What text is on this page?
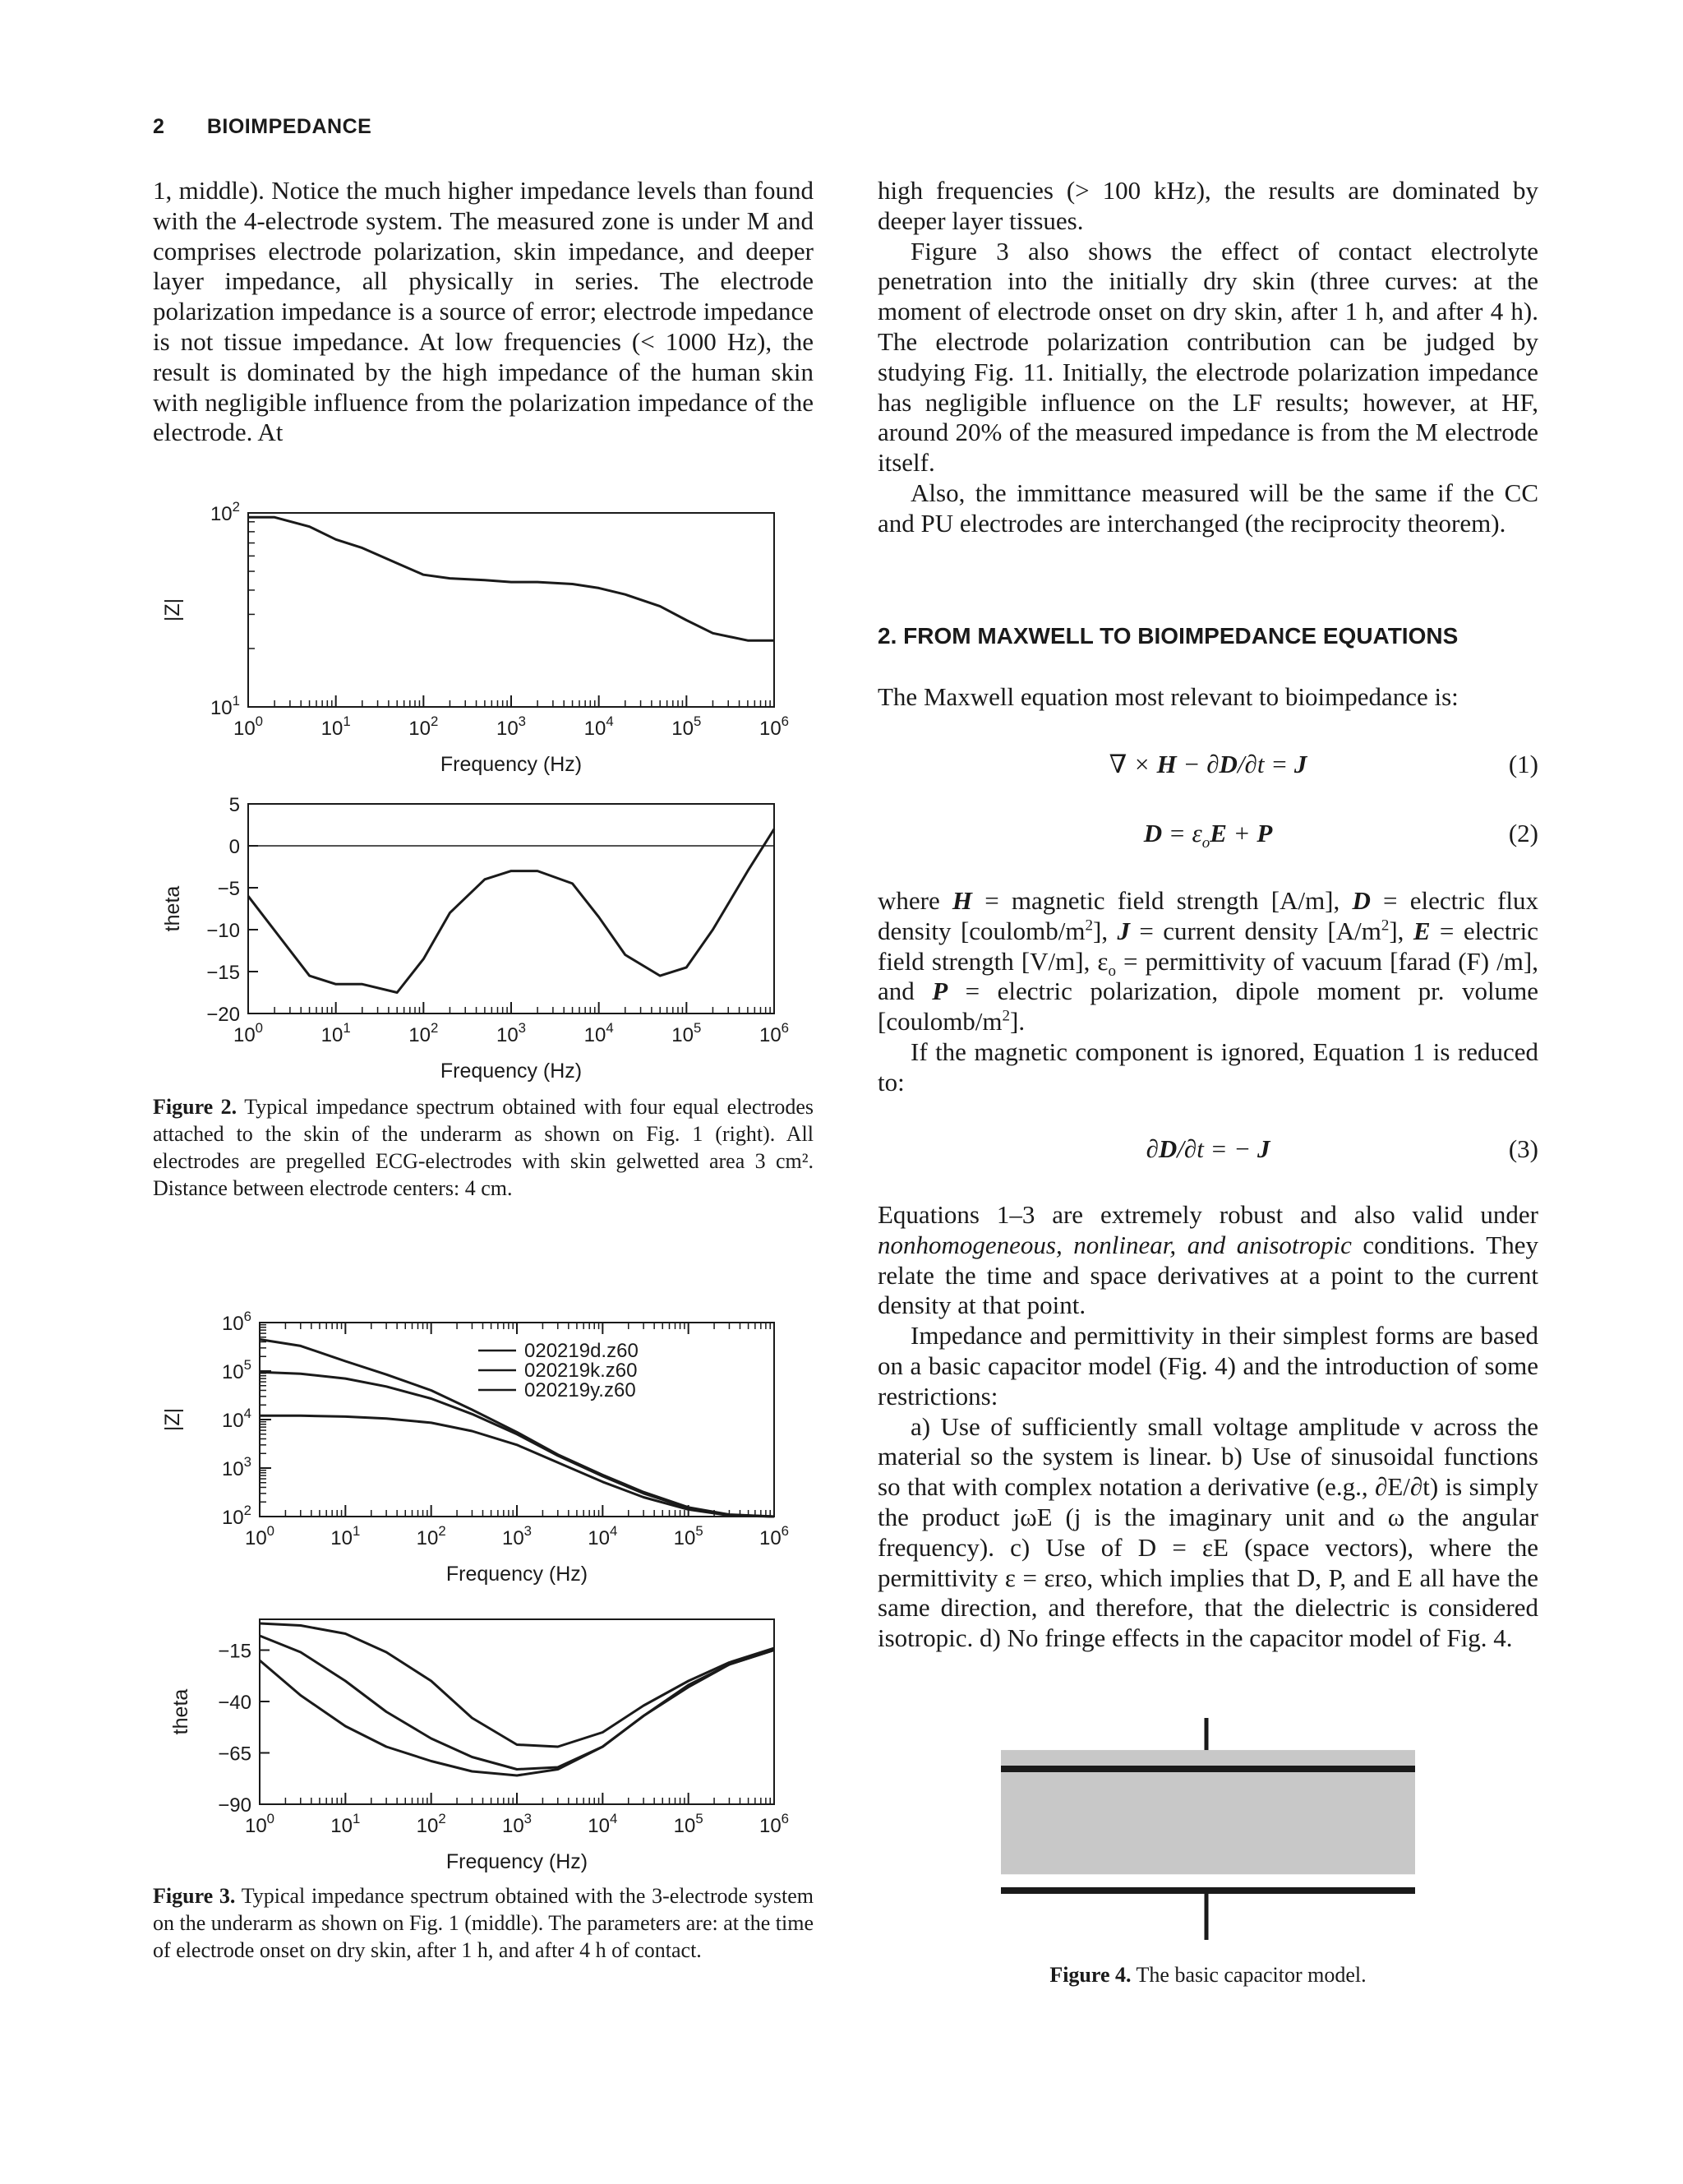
2 BIOIMPEDANCE

1, middle). Notice the much higher impedance levels than found with the 4-electrode system. The measured zone is under M and comprises electrode polarization, skin impedance, and deeper layer impedance, all physically in series. The electrode polarization impedance is a source of error; electrode impedance is not tissue impedance. At low frequencies (< 1000 Hz), the result is dominated by the high impedance of the human skin with negligible influence from the polarization impedance of the electrode. At

high frequencies (> 100 kHz), the results are dominated by deeper layer tissues.

Figure 3 also shows the effect of contact electrolyte penetration into the initially dry skin (three curves: at the moment of electrode onset on dry skin, after 1 h, and after 4 h). The electrode polarization contribution can be judged by studying Fig. 11. Initially, the electrode polarization impedance has negligible influence on the LF results; however, at HF, around 20% of the measured impedance is from the M electrode itself.

Also, the immittance measured will be the same if the CC and PU electrodes are interchanged (the reciprocity theorem).

2. FROM MAXWELL TO BIOIMPEDANCE EQUATIONS

The Maxwell equation most relevant to bioimpedance is:

∇ × H − ∂D/∂t = J	(1)
$D = \varepsilon_oE + P$	(2)

where H = magnetic field strength [A/m], D = electric flux density $[coulomb/m^2]$, J = current density $[A/m^2]$, E = electric field strength [V/m], $\varepsilon_o$ = permittivity of vacuum [farad (F) /m], and P = electric polarization, dipole moment pr. volume $[coulomb/m^2]$.

If the magnetic component is ignored, Equation 1 is reduced to:

∂D/∂t = − J	(3)

Equations 1–3 are extremely robust and also valid under nonhomogeneous, nonlinear, and anisotropic conditions. They relate the time and space derivatives at a point to the current density at that point.

Impedance and permittivity in their simplest forms are based on a basic capacitor model (Fig. 4) and the introduction of some restrictions:

a) Use of sufficiently small voltage amplitude v across the material so the system is linear. b) Use of sinusoidal functions so that with complex notation a derivative (e.g., ∂E/∂t) is simply the product jωE (j is the imaginary unit and ω the angular frequency). c) Use of D = εE (space vectors), where the permittivity ε = εrεo, which implies that D, P, and E all have the same direction, and therefore, that the dielectric is considered isotropic. d) No fringe effects in the capacitor model of Fig. 4.

$10^0$	$10^1$	$10^2$	$10^3$	$10^4$	$10^5$	$10^6$
$10^1$
$10^2$
Frequency (Hz)
|Z|
$10^0$	$10^1$	$10^2$	$10^3$	$10^4$	$10^5$	$10^6$
5
0
−5
−10
−15
−20
Frequency (Hz)
theta
Figure 2. Typical impedance spectrum obtained with four equal electrodes attached to the skin of the underarm as shown on Fig. 1 (right). All electrodes are pregelled ECG-electrodes with skin gelwetted area 3 cm². Distance between electrode centers: 4 cm.
$10^0$	$10^1$	$10^2$	$10^3$	$10^4$	$10^5$	$10^6$
$10^2$
$10^3$
$10^4$
$10^5$
$10^6$
Frequency (Hz)
|Z|
020219d.z60
020219k.z60
020219y.z60
$10^0$	$10^1$	$10^2$	$10^3$	$10^4$	$10^5$	$10^6$
−15
−40
−65
−90
Frequency (Hz)
theta
Figure 3. Typical impedance spectrum obtained with the 3-electrode system on the underarm as shown on Fig. 1 (middle). The parameters are: at the time of electrode onset on dry skin, after 1 h, and after 4 h of contact.
Figure 4. The basic capacitor model.
